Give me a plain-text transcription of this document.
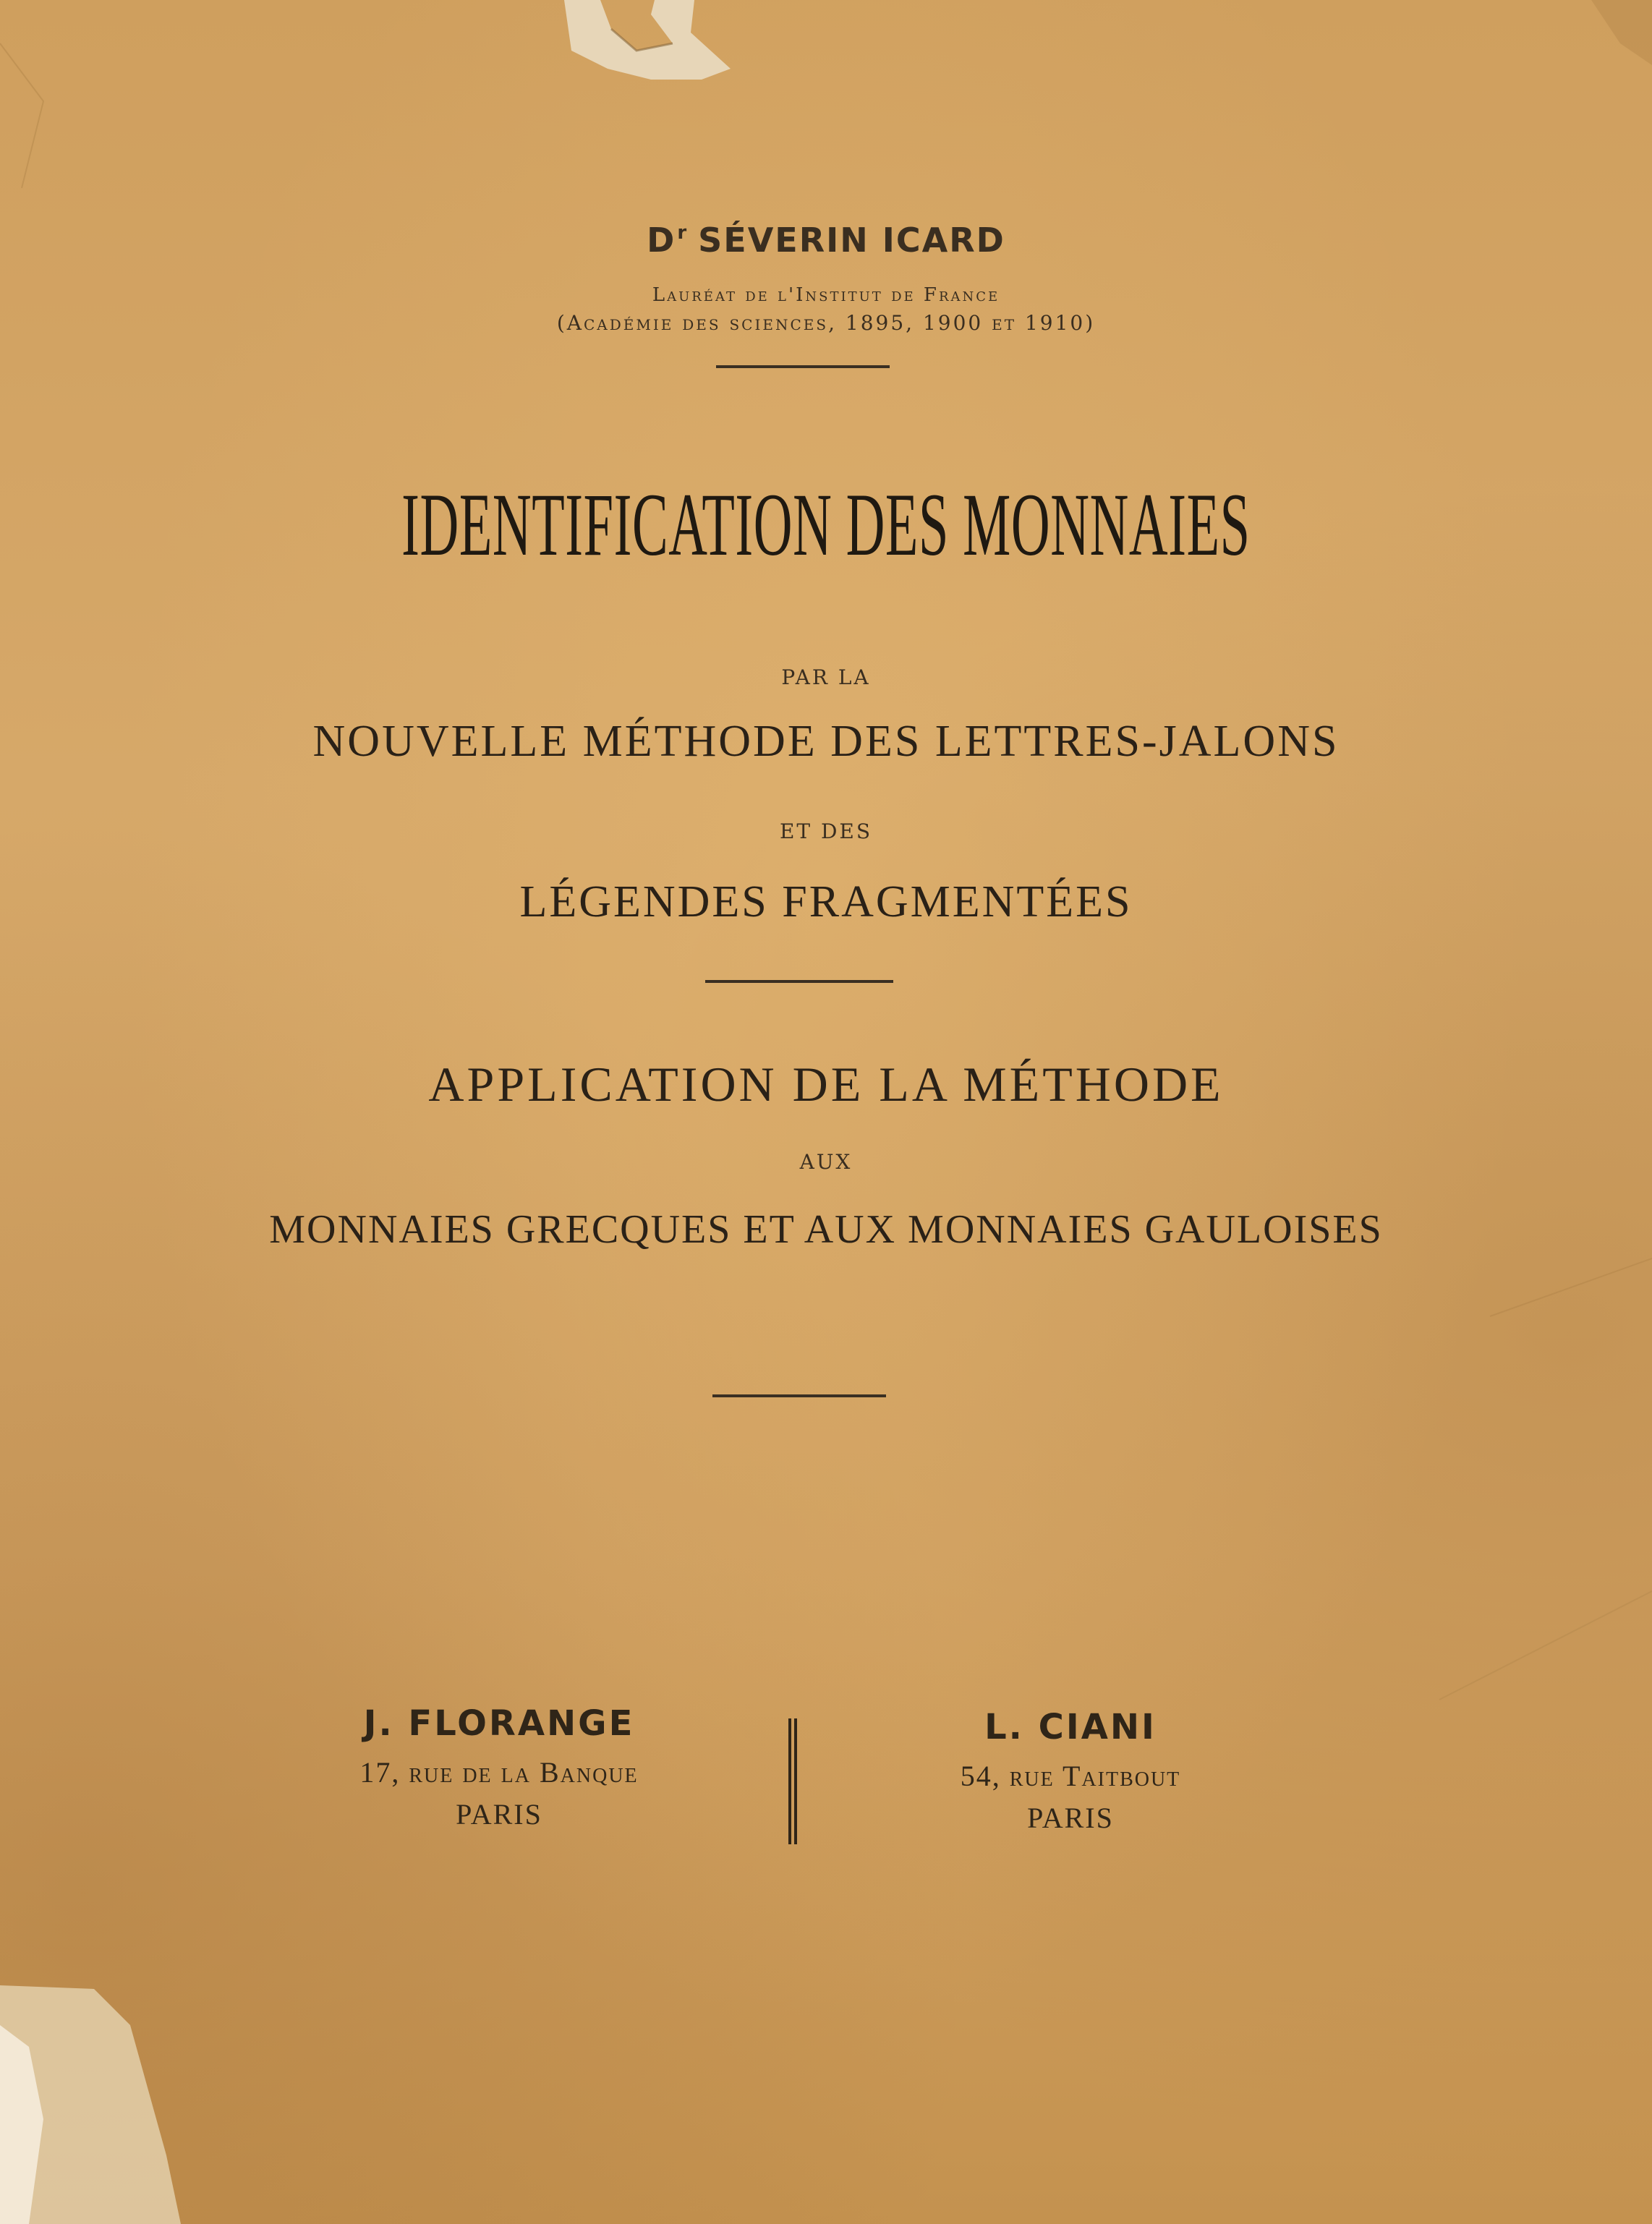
$D^r$ SÉVERIN ICARD
Lauréat de l'Institut de France
(Académie des sciences, 1895, 1900 et 1910)
IDENTIFICATION DES MONNAIES
PAR LA
NOUVELLE MÉTHODE DES LETTRES-JALONS
ET DES
LÉGENDES FRAGMENTÉES
APPLICATION DE LA MÉTHODE
AUX
MONNAIES GRECQUES ET AUX MONNAIES GAULOISES
J. FLORANGE
17, rue de la Banque
PARIS
L. CIANI
54, rue Taitbout
PARIS
